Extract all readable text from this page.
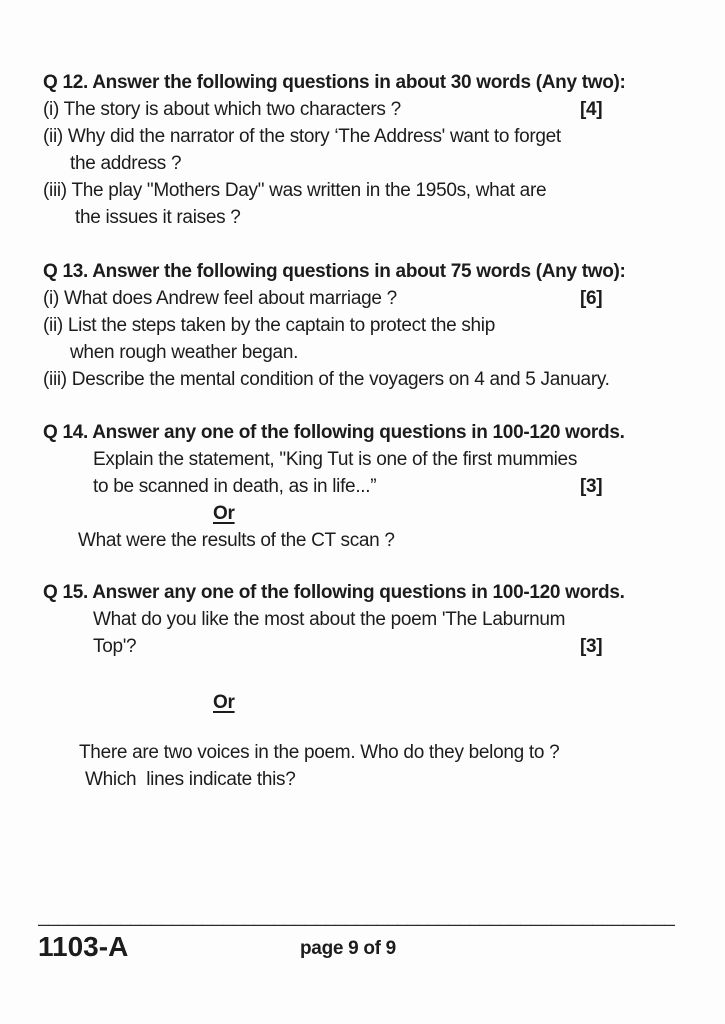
Q 12. Answer the following questions in about 30 words (Any two):
(i) The story is about which two characters ?	[4]
(ii) Why did the narrator of the story ‘The Address' want to forget
the address ?
(iii) The play "Mothers Day" was written in the 1950s, what are
the issues it raises ?
Q 13. Answer the following questions in about 75 words (Any two):
(i) What does Andrew feel about marriage ?	[6]
(ii) List the steps taken by the captain to protect the ship
when rough weather began.
(iii) Describe the mental condition of the voyagers on 4 and 5 January.
Q 14. Answer any one of the following questions in 100-120 words.
Explain the statement, "King Tut is one of the first mummies
to be scanned in death, as in life...”	[3]
Or
What were the results of the CT scan ?
Q 15. Answer any one of the following questions in 100-120 words.
What do you like the most about the poem 'The Laburnum
Top'?	[3]
Or
There are two voices in the poem. Who do they belong to ?
Which  lines indicate this?
______________________________________________________________
1103-A	page 9 of 9
